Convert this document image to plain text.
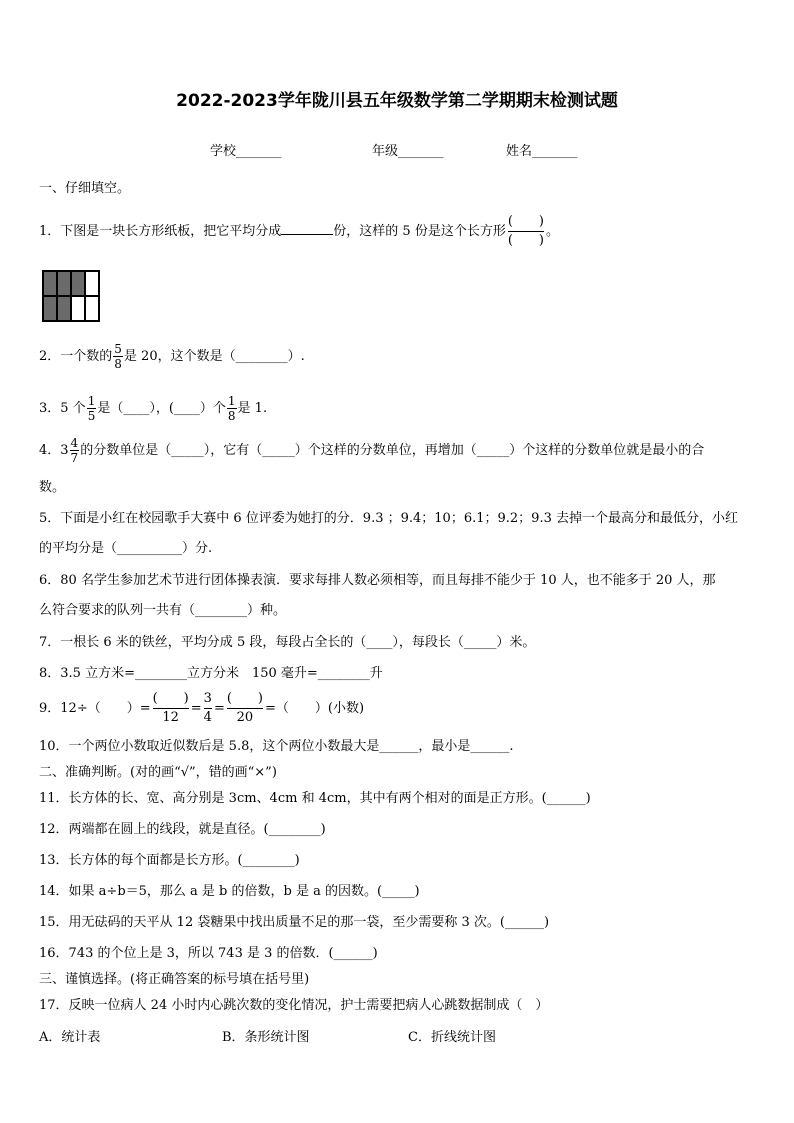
2022-2023学年陇川县五年级数学第二学期期末检测试题
学校_______	年级_______	姓名_______
一、仔细填空。
1．下图是一块长方形纸板，把它平均分成	份，这样的 5 份是这个长方形 $\frac{( )}{( )}$ 。
2．一个数的 $\frac{5}{8}$ 是 20，这个数是（________）.
3．5 个 $\frac{1}{5}$ 是（____），(____）个 $\frac{1}{8}$ 是 1.
4．$3 \frac{4}{7}$ 的分数单位是（_____），它有（_____）个这样的分数单位，再增加（_____）个这样的分数单位就是最小的合
数。
5．下面是小红在校园歌手大赛中 6 位评委为她打的分．9.3 ；9.4；10；6.1；9.2；9.3 去掉一个最高分和最低分，小红
的平均分是（__________）分.
6．80 名学生参加艺术节进行团体操表演．要求每排人数必须相等，而且每排不能少于 10 人，也不能多于 20 人，那
么符合要求的队列一共有（________）种。
7．一根长 6 米的铁丝，平均分成 5 段，每段占全长的（____），每段长（_____）米。
8．3.5 立方米=________立方分米　150 毫升=________升
9．12÷（　　）= $\frac{( )}{12} = \frac{3}{4} = \frac{( )}{20}$ =（　　）(小数)
10．一个两位小数取近似数后是 5.8，这个两位小数最大是______，最小是______.
二、准确判断。(对的画“√”，错的画“×”)
11．长方体的长、宽、高分别是 3cm、4cm 和 4cm，其中有两个相对的面是正方形。(______)
12．两端都在圆上的线段，就是直径。(________)
13．长方体的每个面都是长方形。(________)
14．如果 a÷b＝5，那么 a 是 b 的倍数，b 是 a 的因数。(_____)
15．用无砝码的天平从 12 袋糖果中找出质量不足的那一袋，至少需要称 3 次。(______)
16．743 的个位上是 3，所以 743 是 3 的倍数．(______)
三、谨慎选择。(将正确答案的标号填在括号里)
17．反映一位病人 24 小时内心跳次数的变化情况，护士需要把病人心跳数据制成（　）
A．统计表	B．条形统计图	C．折线统计图
